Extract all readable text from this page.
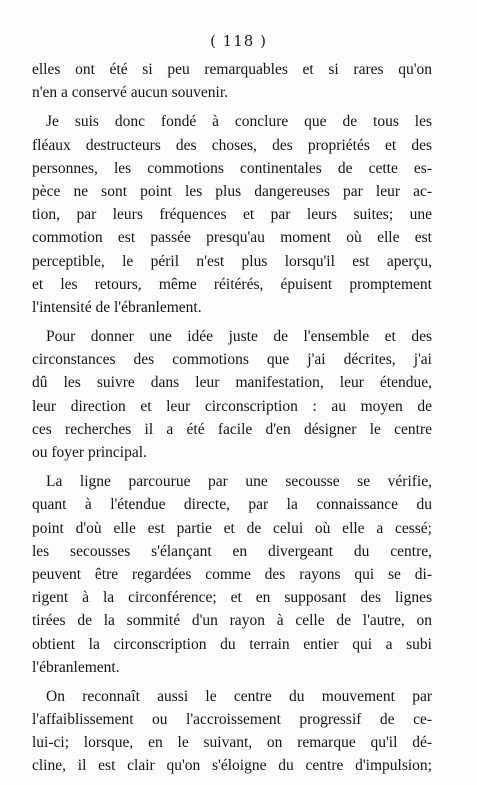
( 118 )
elles ont été si peu remarquables et si rares qu'on
n'en a conservé aucun souvenir.
Je suis donc fondé à conclure que de tous les
fléaux destructeurs des choses, des propriétés et des
personnes, les commotions continentales de cette es-
pèce ne sont point les plus dangereuses par leur ac-
tion, par leurs fréquences et par leurs suites; une
commotion est passée presqu'au moment où elle est
perceptible, le péril n'est plus lorsqu'il est aperçu,
et les retours, même réitérés, épuisent promptement
l'intensité de l'ébranlement.
Pour donner une idée juste de l'ensemble et des
circonstances des commotions que j'ai décrites, j'ai
dû les suivre dans leur manifestation, leur étendue,
leur direction et leur circonscription : au moyen de
ces recherches il a été facile d'en désigner le centre
ou foyer principal.
La ligne parcourue par une secousse se vérifie,
quant à l'étendue directe, par la connaissance du
point d'où elle est partie et de celui où elle a cessé;
les secousses s'élançant en divergeant du centre,
peuvent être regardées comme des rayons qui se di-
rigent à la circonférence; et en supposant des lignes
tirées de la sommité d'un rayon à celle de l'autre, on
obtient la circonscription du terrain entier qui a subi
l'ébranlement.
On reconnaît aussi le centre du mouvement par
l'affaiblissement ou l'accroissement progressif de ce-
lui-ci; lorsque, en le suivant, on remarque qu'il dé-
cline, il est clair qu'on s'éloigne du centre d'impulsion;
